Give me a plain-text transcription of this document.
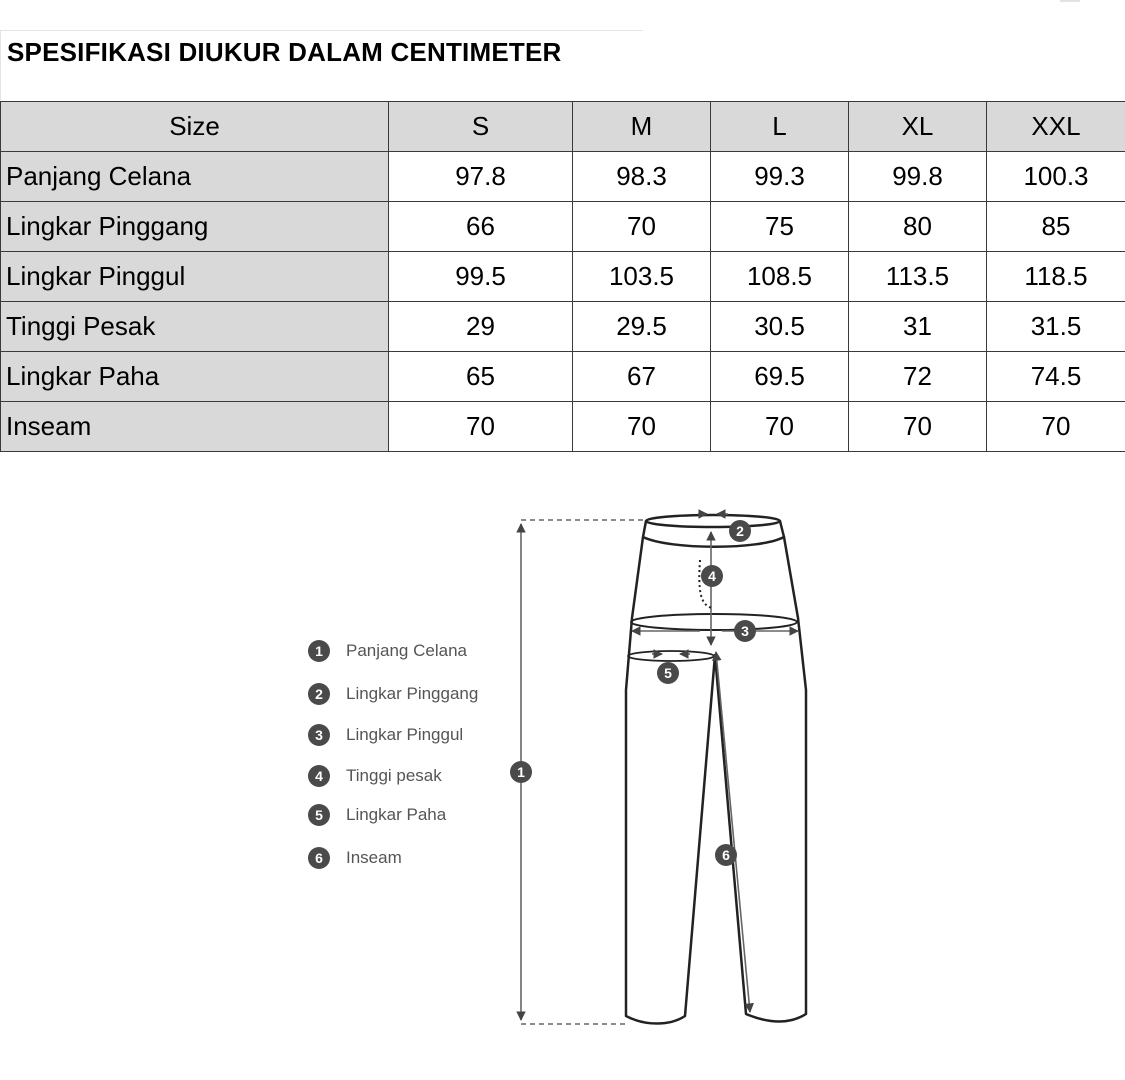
SPESIFIKASI DIUKUR DALAM CENTIMETER
Size	S	M	L	XL	XXL
Panjang Celana	97.8	98.3	99.3	99.8	100.3
Lingkar Pinggang	66	70	75	80	85
Lingkar Pinggul	99.5	103.5	108.5	113.5	118.5
Tinggi Pesak	29	29.5	30.5	31	31.5
Lingkar Paha	65	67	69.5	72	74.5
Inseam	70	70	70	70	70
1	Panjang Celana
2	Lingkar Pinggang
3	Lingkar Pinggul
4	Tinggi pesak
5	Lingkar Paha
6	Inseam
1
2
3
4
5
6
